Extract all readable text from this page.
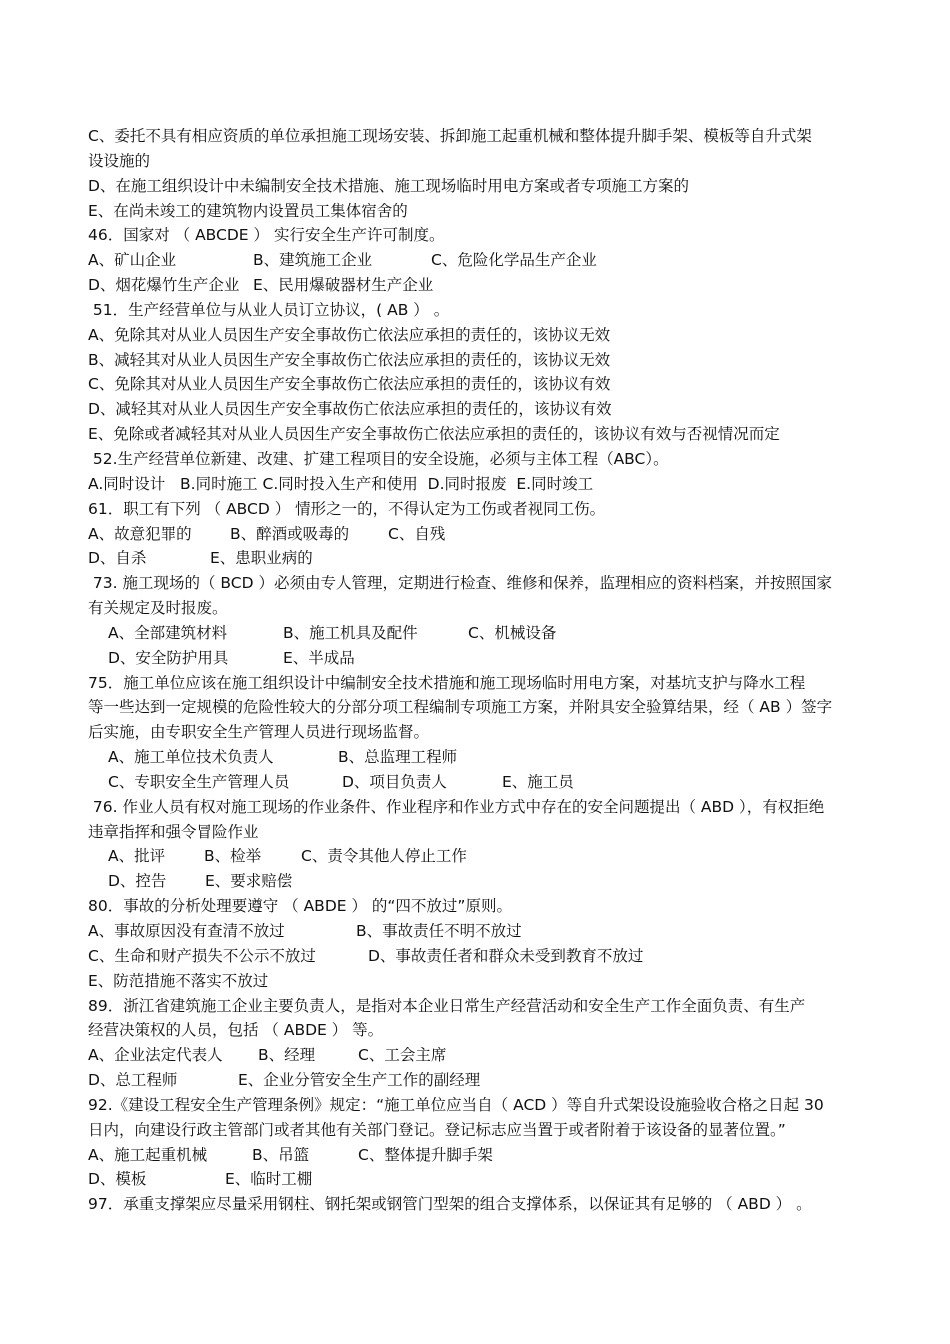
C、委托不具有相应资质的单位承担施工现场安装、拆卸施工起重机械和整体提升脚手架、模板等自升式架
设设施的
D、在施工组织设计中未编制安全技术措施、施工现场临时用电方案或者专项施工方案的
E、在尚未竣工的建筑物内设置员工集体宿舍的
46．国家对 （ ABCDE ） 实行安全生产许可制度。
A、矿山企业	B、建筑施工企业	C、危险化学品生产企业
D、烟花爆竹生产企业 E、民用爆破器材生产企业
51．生产经营单位与从业人员订立协议，( AB ） 。
A、免除其对从业人员因生产安全事故伤亡依法应承担的责任的，该协议无效
B、减轻其对从业人员因生产安全事故伤亡依法应承担的责任的，该协议无效
C、免除其对从业人员因生产安全事故伤亡依法应承担的责任的，该协议有效
D、减轻其对从业人员因生产安全事故伤亡依法应承担的责任的，该协议有效
E、免除或者减轻其对从业人员因生产安全事故伤亡依法应承担的责任的，该协议有效与否视情况而定
52.生产经营单位新建、改建、扩建工程项目的安全设施，必须与主体工程（ABC）。
A.同时设计   B.同时施工 C.同时投入生产和使用  D.同时报废  E.同时竣工
61．职工有下列 （ ABCD ） 情形之一的，不得认定为工伤或者视同工伤。
A、故意犯罪的 B、醉酒或吸毒的	C、自残
D、自杀	E、患职业病的
73. 施工现场的（ BCD ）必须由专人管理，定期进行检查、维修和保养，监理相应的资料档案，并按照国家
有关规定及时报废。
A、全部建筑材料	B、施工机具及配件	C、机械设备
D、安全防护用具	E、半成品
75．施工单位应该在施工组织设计中编制安全技术措施和施工现场临时用电方案，对基坑支护与降水工程
等一些达到一定规模的危险性较大的分部分项工程编制专项施工方案，并附具安全验算结果，经（ AB ）签字
后实施，由专职安全生产管理人员进行现场监督。
A、施工单位技术负责人	B、总监理工程师
C、专职安全生产管理人员	D、项目负责人	E、施工员
76. 作业人员有权对施工现场的作业条件、作业程序和作业方式中存在的安全问题提出（ ABD ），有权拒绝
违章指挥和强令冒险作业
A、批评	B、检举	C、责令其他人停止工作
D、控告 E、要求赔偿
80．事故的分析处理要遵守 （ ABDE ） 的“四不放过”原则。
A、事故原因没有查清不放过	B、事故责任不明不放过
C、生命和财产损失不公示不放过	D、事故责任者和群众未受到教育不放过
E、防范措施不落实不放过
89．浙江省建筑施工企业主要负责人，是指对本企业日常生产经营活动和安全生产工作全面负责、有生产
经营决策权的人员，包括 （ ABDE ） 等。
A、企业法定代表人 B、经理	C、工会主席
D、总工程师	E、企业分管安全生产工作的副经理
92.《建设工程安全生产管理条例》规定：“施工单位应当自（ ACD ）等自升式架设设施验收合格之日起 30
日内，向建设行政主管部门或者其他有关部门登记。登记标志应当置于或者附着于该设备的显著位置。”
A、施工起重机械	B、吊篮	C、整体提升脚手架
D、模板	E、临时工棚
97．承重支撑架应尽量采用钢柱、钢托架或钢管门型架的组合支撑体系，以保证其有足够的 （ ABD ） 。
